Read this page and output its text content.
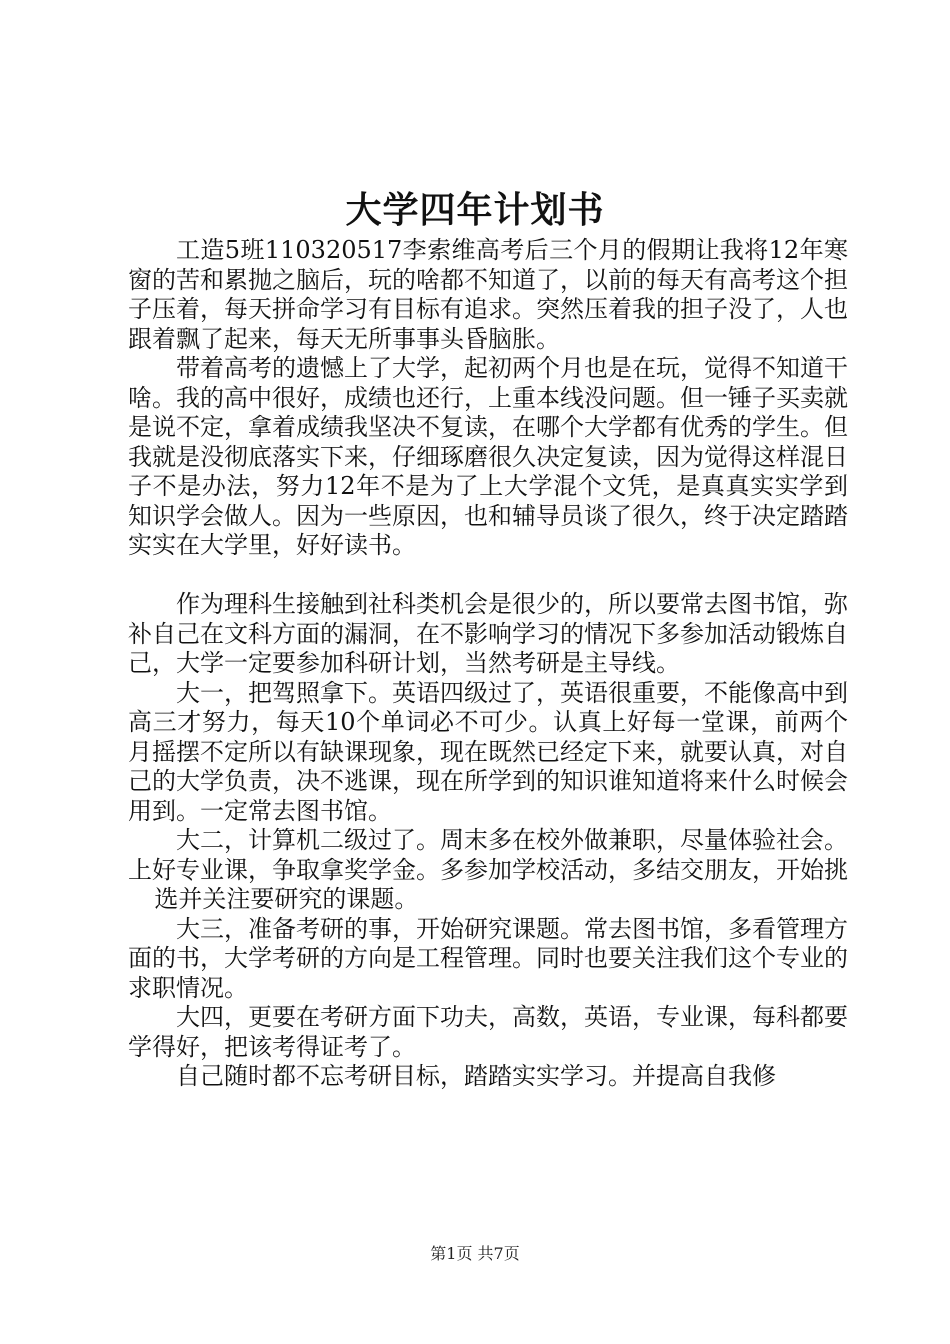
大学四年计划书

工造5班110320517李索维高考后三个月的假期让我将12年寒窗的苦和累抛之脑后，玩的啥都不知道了，以前的每天有高考这个担子压着，每天拼命学习有目标有追求。突然压着我的担子没了，人也跟着飘了起来，每天无所事事头昏脑胀。

带着高考的遗憾上了大学，起初两个月也是在玩，觉得不知道干啥。我的高中很好，成绩也还行，上重本线没问题。但一锤子买卖就是说不定，拿着成绩我坚决不复读，在哪个大学都有优秀的学生。但我就是没彻底落实下来，仔细琢磨很久决定复读，因为觉得这样混日子不是办法，努力12年不是为了上大学混个文凭，是真真实实学到知识学会做人。因为一些原因，也和辅导员谈了很久，终于决定踏踏实实在大学里，好好读书。

作为理科生接触到社科类机会是很少的，所以要常去图书馆，弥补自己在文科方面的漏洞，在不影响学习的情况下多参加活动锻炼自己，大学一定要参加科研计划，当然考研是主导线。

大一，把驾照拿下。英语四级过了，英语很重要，不能像高中到高三才努力，每天10个单词必不可少。认真上好每一堂课，前两个月摇摆不定所以有缺课现象，现在既然已经定下来，就要认真，对自己的大学负责，决不逃课，现在所学到的知识谁知道将来什么时候会用到。一定常去图书馆。

大二，计算机二级过了。周末多在校外做兼职，尽量体验社会。上好专业课，争取拿奖学金。多参加学校活动，多结交朋友，开始挑

选并关注要研究的课题。

大三，准备考研的事，开始研究课题。常去图书馆，多看管理方面的书，大学考研的方向是工程管理。同时也要关注我们这个专业的求职情况。

大四，更要在考研方面下功夫，高数，英语，专业课，每科都要学得好，把该考得证考了。

自己随时都不忘考研目标，踏踏实实学习。并提高自我修

第1页 共7页
